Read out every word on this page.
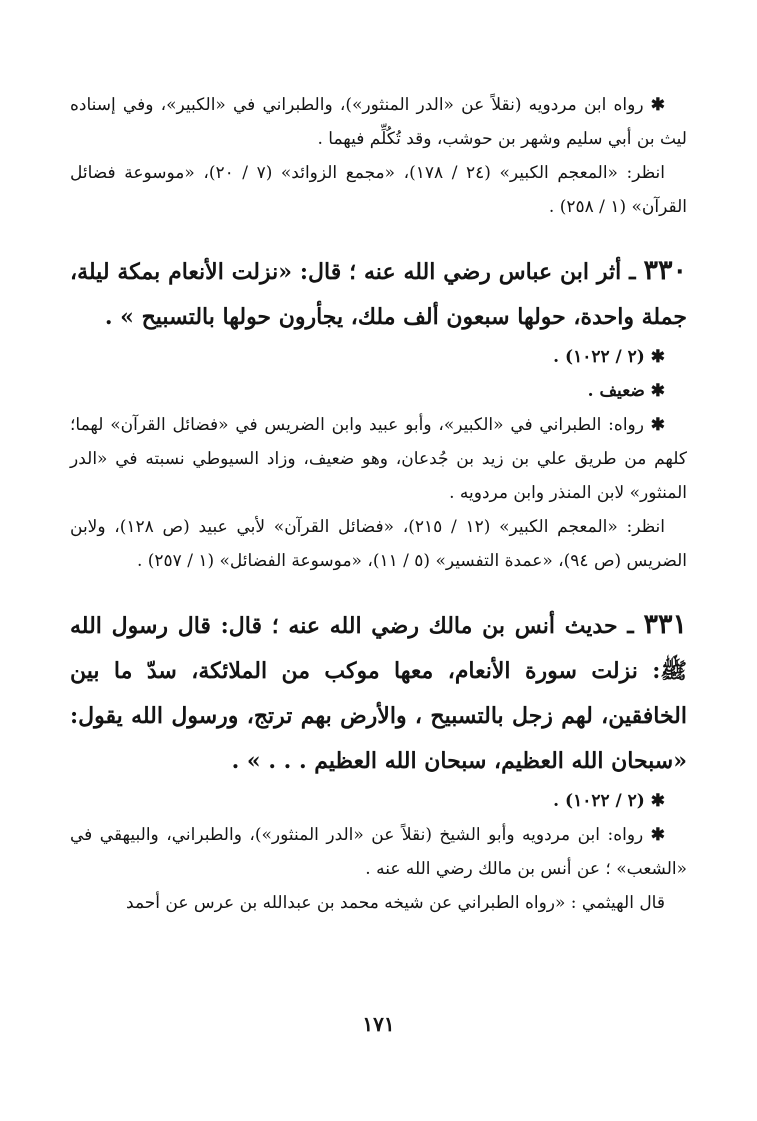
✱ رواه ابن مردويه (نقلاً عن «الدر المنثور»)، والطبراني في «الكبير»، وفي إسناده ليث بن أبي سليم وشهر بن حوشب، وقد تُكُلِّم فيهما .

انظر: «المعجم الكبير» (٢٤ / ١٧٨)، «مجمع الزوائد» (٧ / ٢٠)، «موسوعة فضائل القرآن» (١ / ٢٥٨) .

٣٣٠ ـ أثر ابن عباس رضي الله عنه ؛ قال: «نزلت الأنعام بمكة ليلة، جملة واحدة، حولها سبعون ألف ملك، يجأرون حولها بالتسبيح » .

✱ (٢ / ١٠٢٢) .

✱ ضعيف .

✱ رواه: الطبراني في «الكبير»، وأبو عبيد وابن الضريس في «فضائل القرآن» لهما؛ كلهم من طريق علي بن زيد بن جُدعان، وهو ضعيف، وزاد السيوطي نسبته في «الدر المنثور» لابن المنذر وابن مردويه .

انظر: «المعجم الكبير» (١٢ / ٢١٥)، «فضائل القرآن» لأبي عبيد (ص ١٢٨)، ولابن الضريس (ص ٩٤)، «عمدة التفسير» (٥ / ١١)، «موسوعة الفضائل» (١ / ٢٥٧) .

٣٣١ ـ حديث أنس بن مالك رضي الله عنه ؛ قال: قال رسول الله ﷺ: نزلت سورة الأنعام، معها موكب من الملائكة، سدّ ما بين الخافقين، لهم زجل بالتسبيح ، والأرض بهم ترتج، ورسول الله يقول: «سبحان الله العظيم، سبحان الله العظيم . . . » .

✱ (٢ / ١٠٢٢) .

✱ رواه: ابن مردويه وأبو الشيخ (نقلاً عن «الدر المنثور»)، والطبراني، والبيهقي في «الشعب» ؛ عن أنس بن مالك رضي الله عنه .

قال الهيثمي : «رواه الطبراني عن شيخه محمد بن عبدالله بن عرس عن أحمد

١٧١
